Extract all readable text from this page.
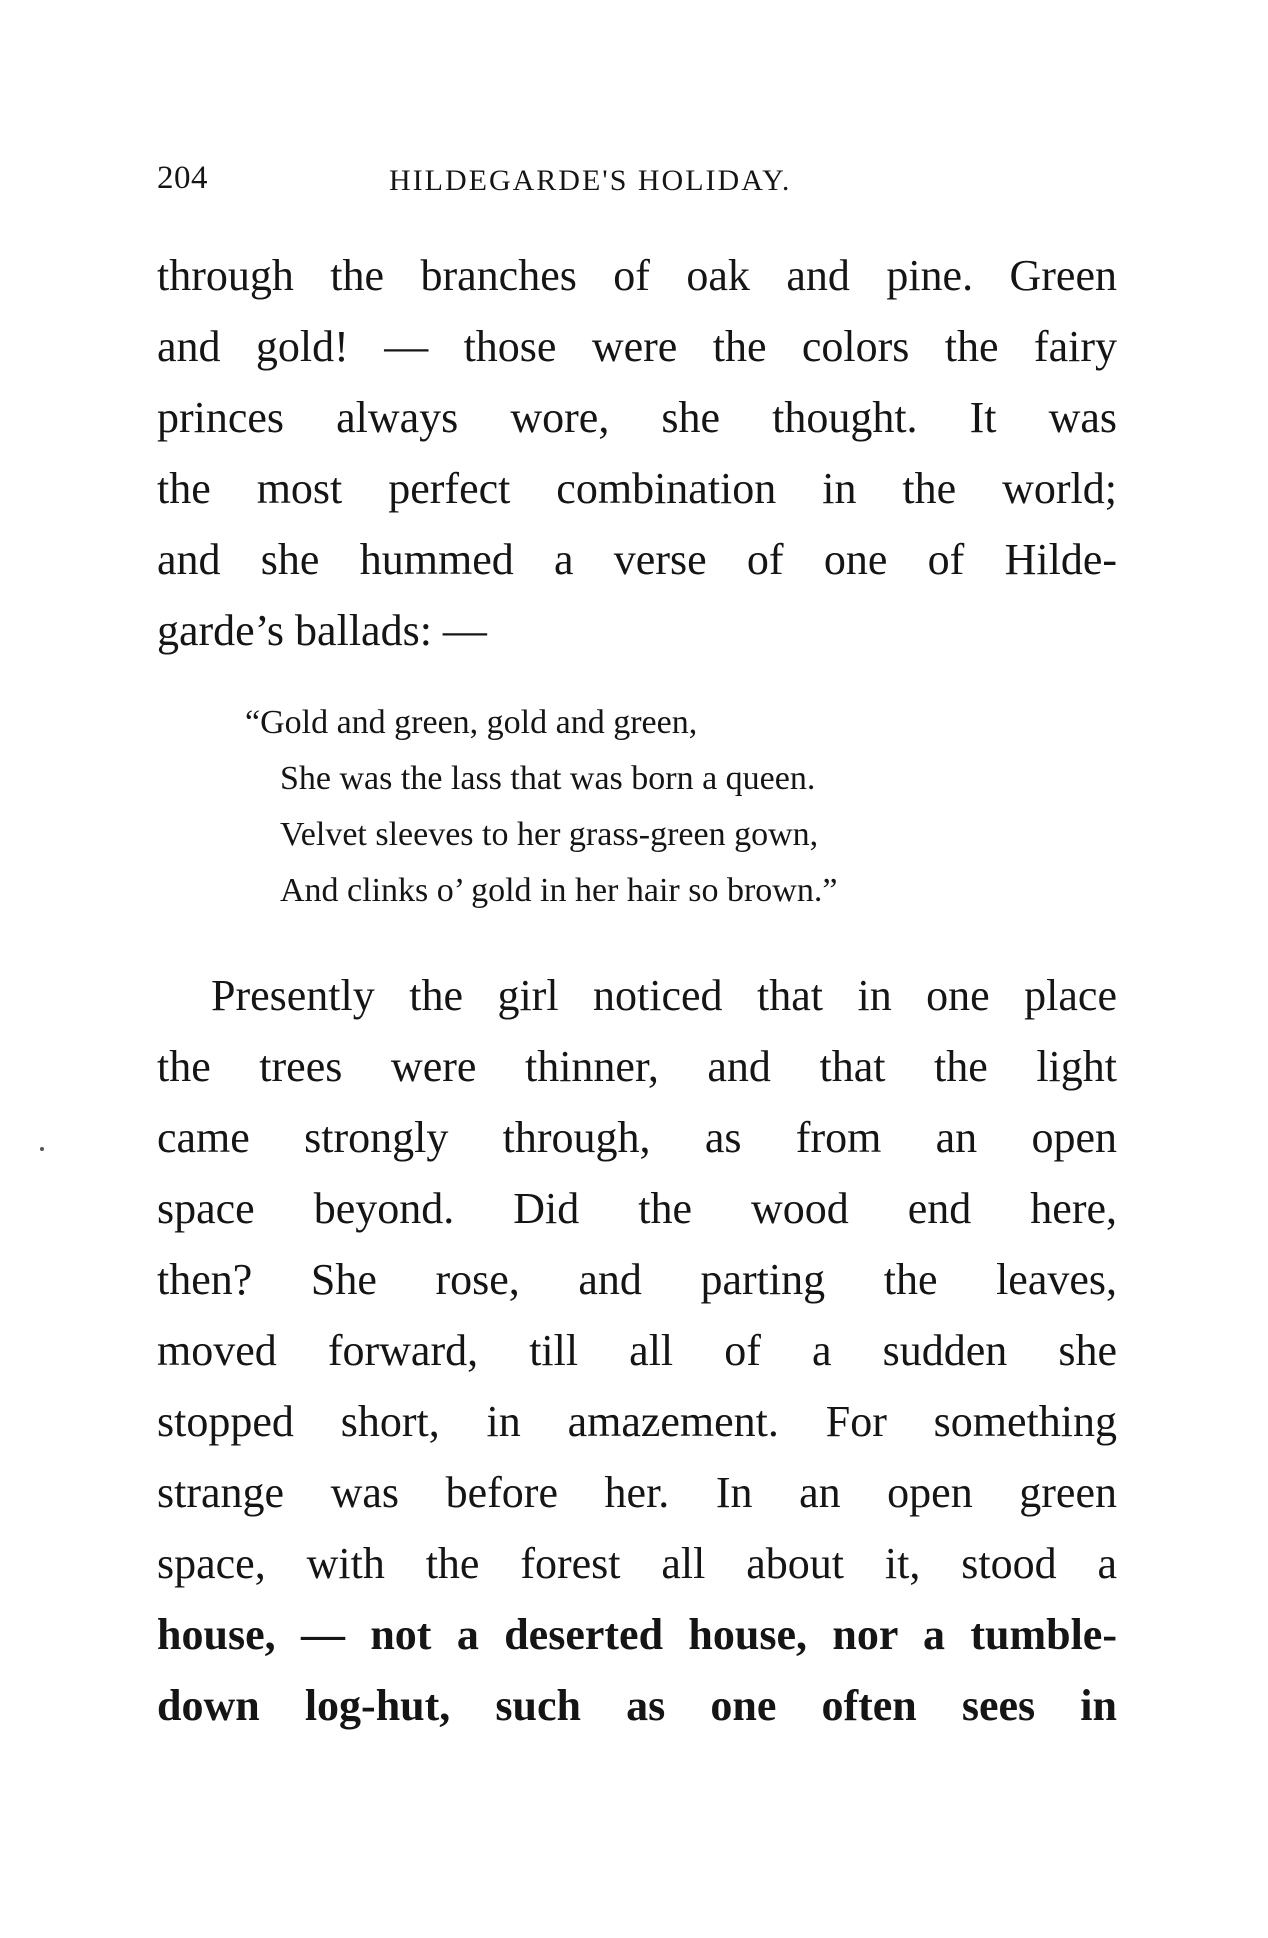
204	HILDEGARDE'S HOLIDAY.
through the branches of oak and pine. Green
and gold! — those were the colors the fairy
princes always wore, she thought. It was
the most perfect combination in the world;
and she hummed a verse of one of Hilde-
garde’s ballads: —
“Gold and green, gold and green,
She was the lass that was born a queen.
Velvet sleeves to her grass-green gown,
And clinks o’ gold in her hair so brown.”
Presently the girl noticed that in one place
the trees were thinner, and that the light
came strongly through, as from an open
space beyond. Did the wood end here,
then? She rose, and parting the leaves,
moved forward, till all of a sudden she
stopped short, in amazement. For something
strange was before her. In an open green
space, with the forest all about it, stood a
house, — not a deserted house, nor a tumble-
down log-hut, such as one often sees in
